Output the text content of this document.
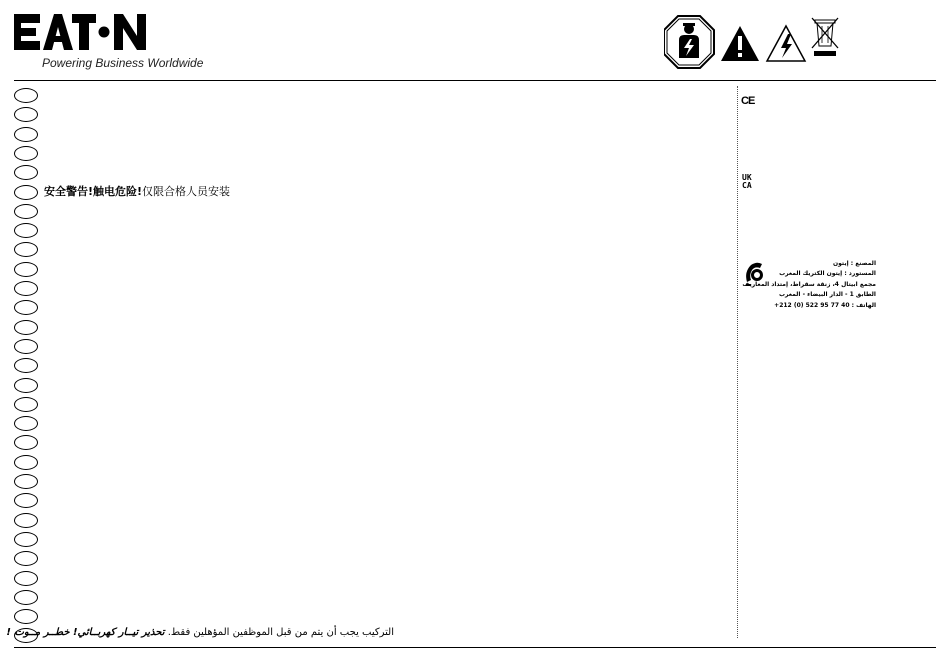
Powering Business Worldwide
安全警告!触电危险!仅限合格人员安装
التركيب يجب أن يتم من قبل الموظفين المؤهلين فقط. تحذير تيــار كهربــائي! خطــر مــوت !
CE
UK
CA
المصنع : إيتون
المستورد : إيتون الكتريك المغرب
مجمع ابيتال 4، زنقة سقراط، إمتداد المعاريف
الطابق 1 - الدار البيضاء - المغرب
الهاتف : 40 77 95 522 (0) 212+
